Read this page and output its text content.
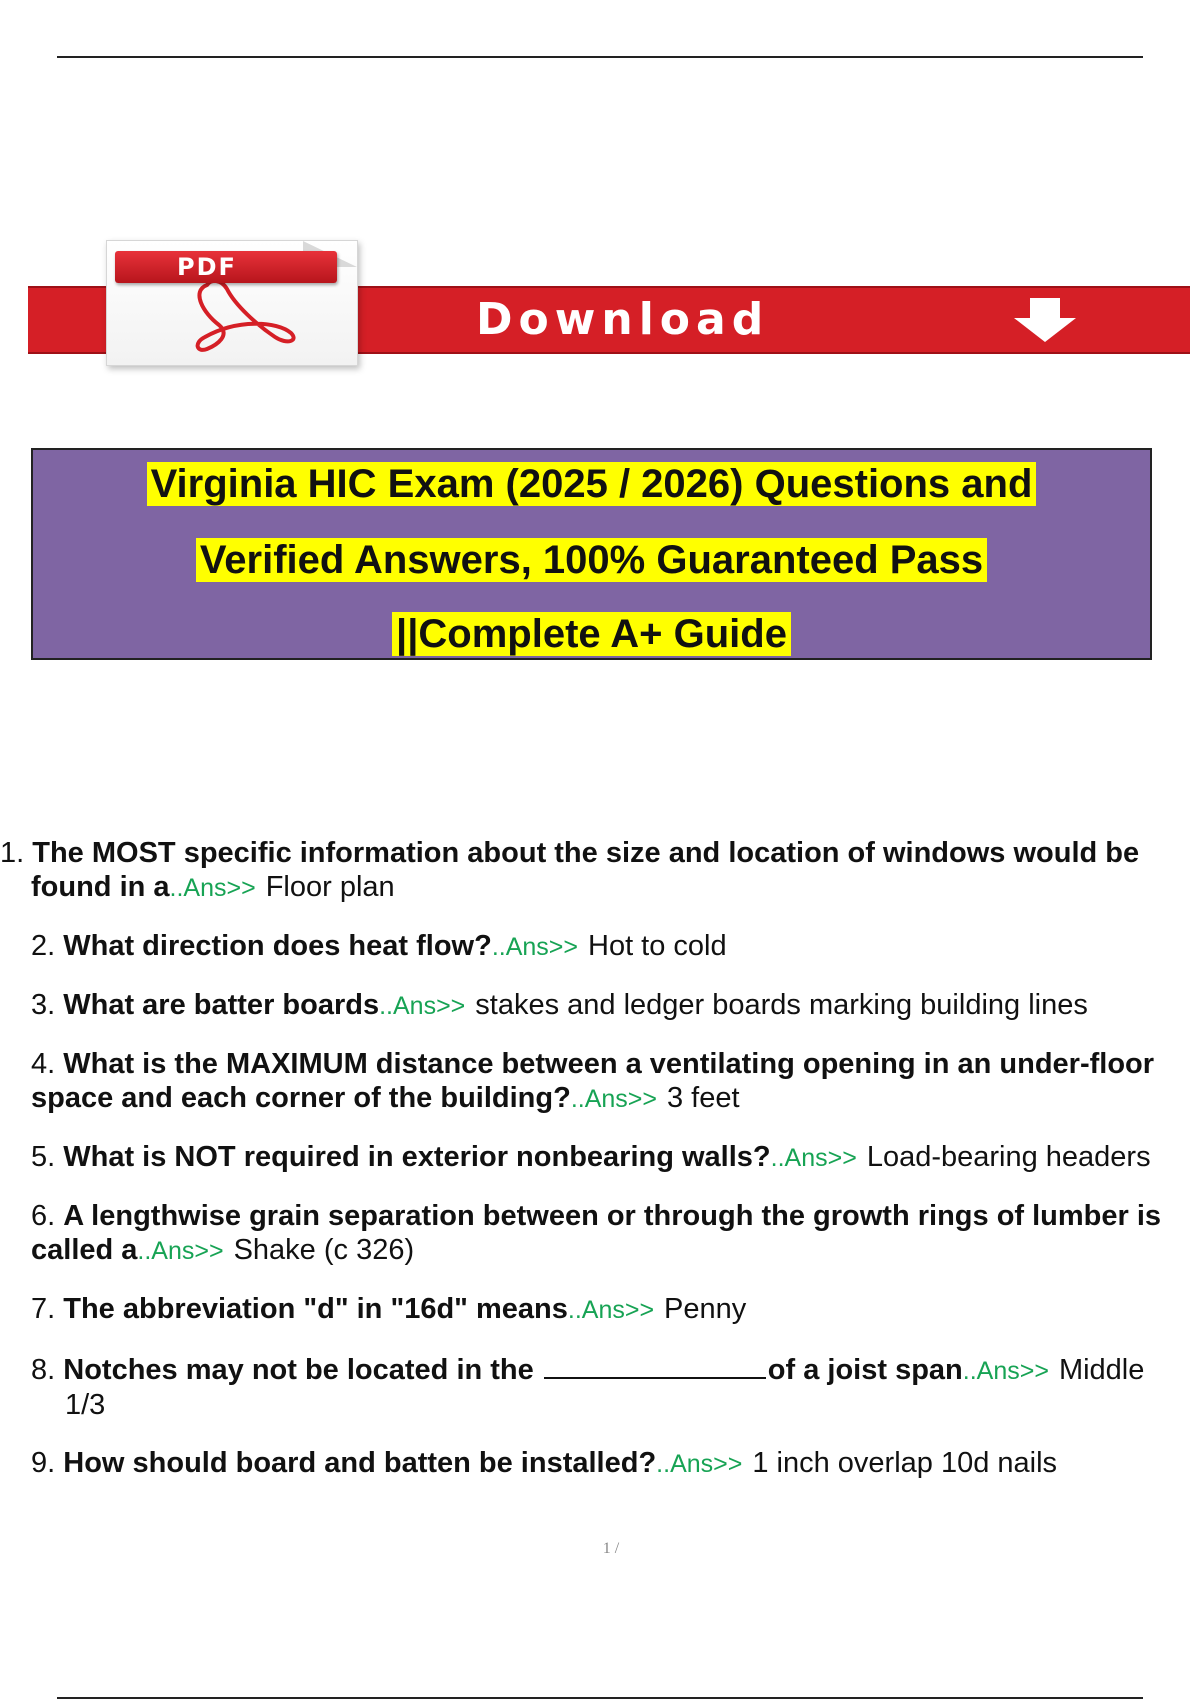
PDF
Download
Virginia HIC Exam (2025 / 2026) Questions and
Verified Answers, 100% Guaranteed Pass
||Complete A+ Guide
1. The MOST specific information about the size and location of windows would be found in a..Ans>> Floor plan
2. What direction does heat flow?..Ans>> Hot to cold
3. What are batter boards..Ans>> stakes and ledger boards marking building lines
4. What is the MAXIMUM distance between a ventilating opening in an under-floor space and each corner of the building?..Ans>> 3 feet
5. What is NOT required in exterior nonbearing walls?..Ans>> Load-bearing headers
6. A lengthwise grain separation between or through the growth rings of lumber is called a..Ans>> Shake (c 326)
7. The abbreviation "d" in "16d" means..Ans>> Penny
8. Notches may not be located in the	of a joist span..Ans>> Middle 1/3
9. How should board and batten be installed?..Ans>> 1 inch overlap 10d nails
1 /
